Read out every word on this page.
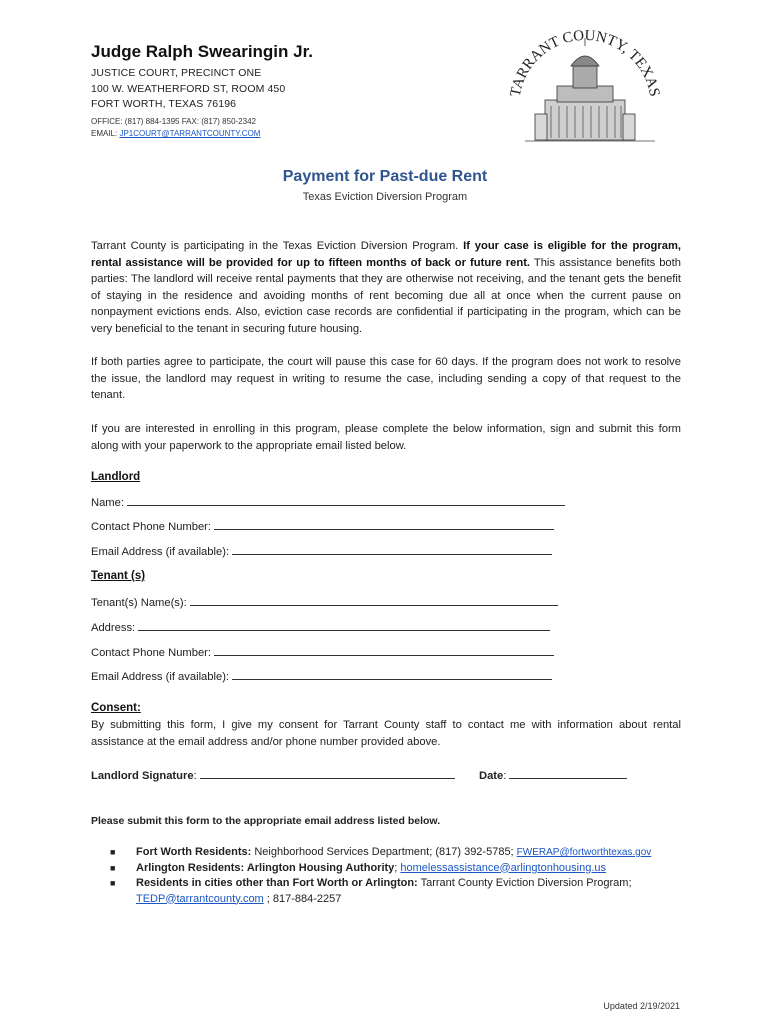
Judge Ralph Swearingin Jr.
JUSTICE COURT, PRECINCT ONE
100 W. WEATHERFORD ST, ROOM 450
FORT WORTH, TEXAS 76196
OFFICE: (817) 884-1395 FAX: (817) 850-2342
EMAIL: JP1COURT@TARRANTCOUNTY.COM
TARRANT COUNTY, TEXAS
Payment for Past-due Rent
Texas Eviction Diversion Program
Tarrant County is participating in the Texas Eviction Diversion Program. If your case is eligible for the program, rental assistance will be provided for up to fifteen months of back or future rent. This assistance benefits both parties: The landlord will receive rental payments that they are otherwise not receiving, and the tenant gets the benefit of staying in the residence and avoiding months of rent becoming due all at once when the current pause on nonpayment evictions ends. Also, eviction case records are confidential if participating in the program, which can be very beneficial to the tenant in securing future housing.
If both parties agree to participate, the court will pause this case for 60 days. If the program does not work to resolve the issue, the landlord may request in writing to resume the case, including sending a copy of that request to the tenant.
If you are interested in enrolling in this program, please complete the below information, sign and submit this form along with your paperwork to the appropriate email listed below.
Landlord
Name:
Contact Phone Number:
Email Address (if available):
Tenant (s)
Tenant(s) Name(s):
Address:
Contact Phone Number:
Email Address (if available):
Consent:
By submitting this form, I give my consent for Tarrant County staff to contact me with information about rental assistance at the email address and/or phone number provided above.
Landlord Signature:	Date:
Please submit this form to the appropriate email address listed below.
■ Fort Worth Residents: Neighborhood Services Department; (817) 392-5785; FWERAP@fortworthtexas.gov
■ Arlington Residents: Arlington Housing Authority; homelessassistance@arlingtonhousing.us
■ Residents in cities other than Fort Worth or Arlington: Tarrant County Eviction Diversion Program;
TEDP@tarrantcounty.com ; 817-884-2257
Updated 2/19/2021
